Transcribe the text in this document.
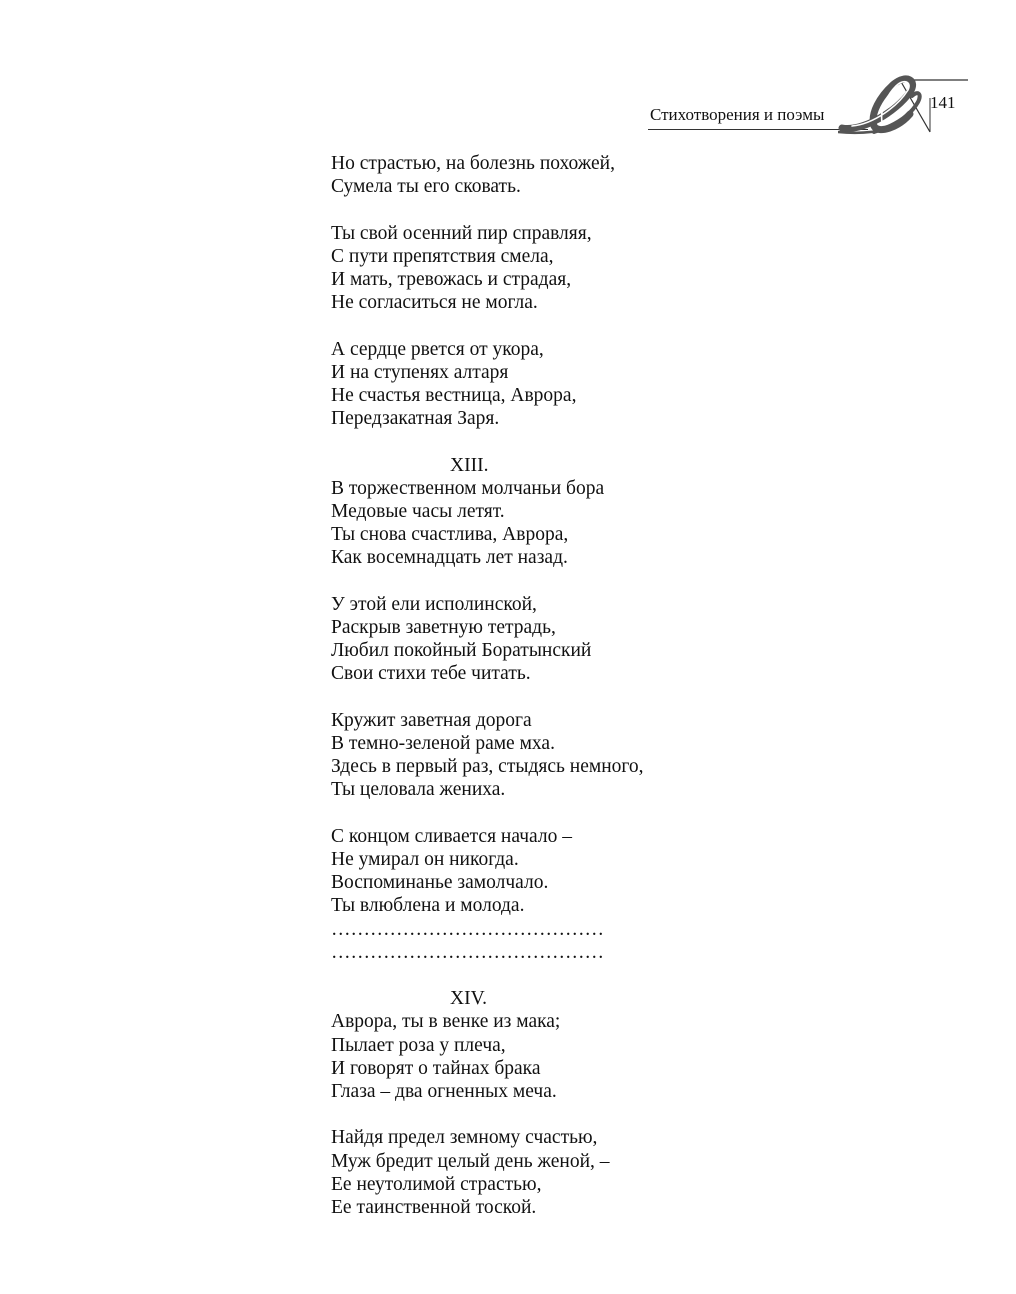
Стихотворения и поэмы
141
Но страстью, на болезнь похожей,
Сумела ты его сковать.
Ты свой осенний пир справляя,
С пути препятствия смела,
И мать, тревожась и страдая,
Не согласиться не могла.
А сердце рвется от укора,
И на ступенях алтаря
Не счастья вестница, Аврора,
Передзакатная Заря.
XIII.
В торжественном молчаньи бора
Медовые часы летят.
Ты снова счастлива, Аврора,
Как восемнадцать лет назад.
У этой ели исполинской,
Раскрыв заветную тетрадь,
Любил покойный Боратынский
Свои стихи тебе читать.
Кружит заветная дорога
В темно-зеленой раме мха.
Здесь в первый раз, стыдясь немного,
Ты целовала жениха.
С концом сливается начало –
Не умирал он никогда.
Воспоминанье замолчало.
Ты влюблена и молода.
……………………………………
……………………………………
XIV.
Аврора, ты в венке из мака;
Пылает роза у плеча,
И говорят о тайнах брака
Глаза – два огненных меча.
Найдя предел земному счастью,
Муж бредит целый день женой, –
Ее неутолимой страстью,
Ее таинственной тоской.
